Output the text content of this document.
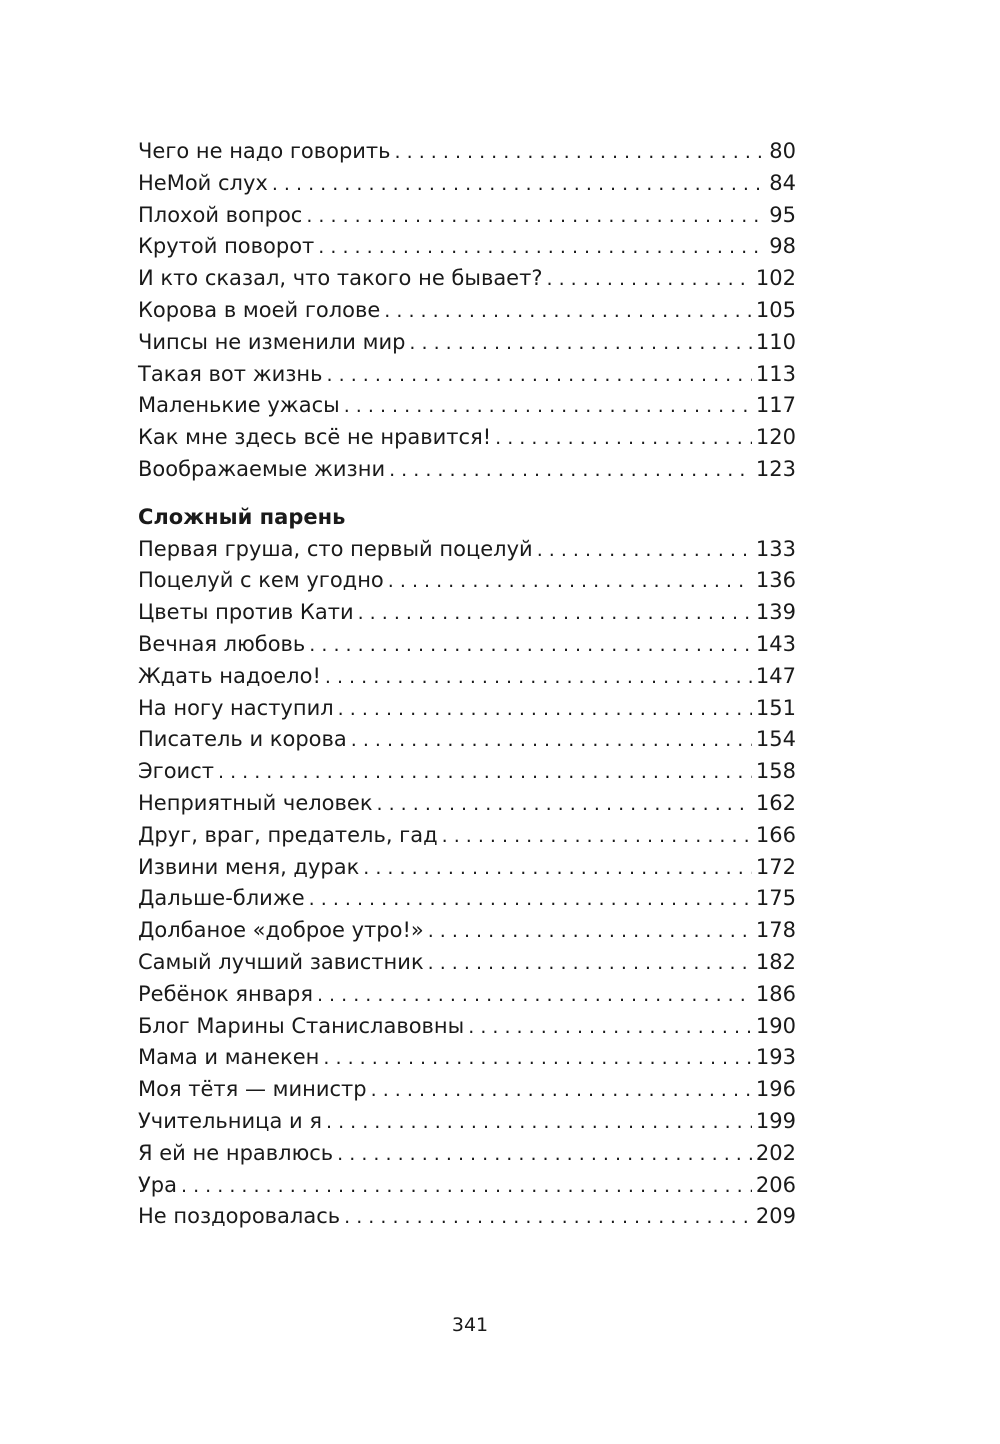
Чего не надо говорить . . .	80
НеМой слух . . .	84
Плохой вопрос . . .	95
Крутой поворот . . .	98
И кто сказал, что такого не бывает? . . .	102
Корова в моей голове . . .	105
Чипсы не изменили мир . . .	110
Такая вот жизнь . . .	113
Маленькие ужасы . . .	117
Как мне здесь всё не нравится! . . .	120
Воображаемые жизни . . .	123
Сложный парень
Первая груша, сто первый поцелуй . . .	133
Поцелуй с кем угодно . . .	136
Цветы против Кати . . .	139
Вечная любовь . . .	143
Ждать надоело! . . .	147
На ногу наступил . . .	151
Писатель и корова . . .	154
Эгоист . . .	158
Неприятный человек . . .	162
Друг, враг, предатель, гад . . .	166
Извини меня, дурак . . .	172
Дальше-ближе . . .	175
Долбаное «доброе утро!» . . .	178
Самый лучший завистник . . .	182
Ребёнок января . . .	186
Блог Марины Станиславовны . . .	190
Мама и манекен . . .	193
Моя тётя — министр . . .	196
Учительница и я . . .	199
Я ей не нравлюсь . . .	202
Ура . . .	206
Не поздоровалась . . .	209
341
